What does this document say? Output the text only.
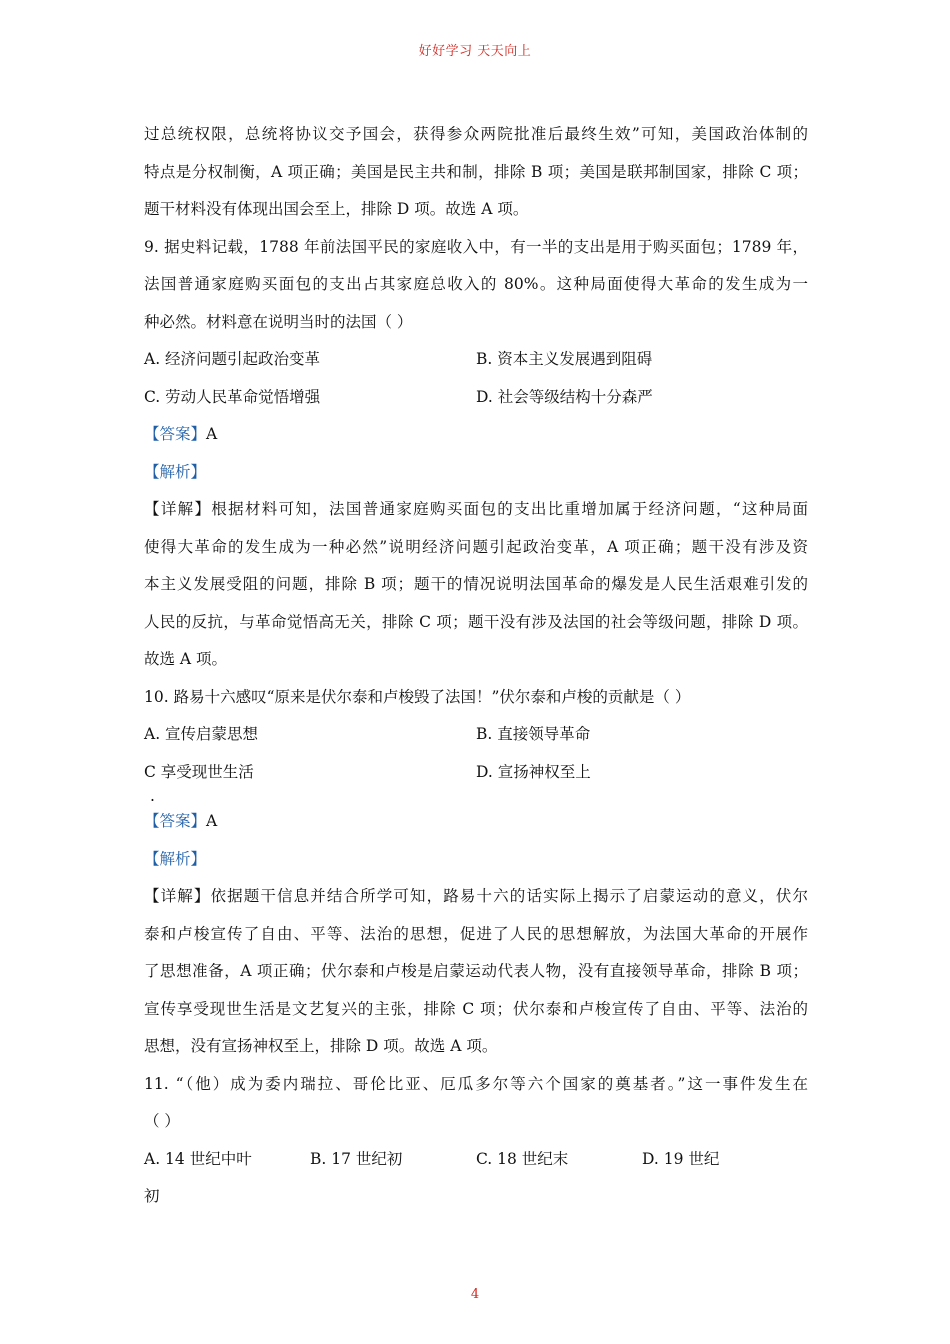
好好学习 天天向上
过总统权限，总统将协议交予国会，获得参众两院批准后最终生效”可知，美国政治体制的
特点是分权制衡，A 项正确；美国是民主共和制，排除 B 项；美国是联邦制国家，排除 C 项；
题干材料没有体现出国会至上，排除 D 项。故选 A 项。
9. 据史料记载，1788 年前法国平民的家庭收入中，有一半的支出是用于购买面包；1789 年，
法国普通家庭购买面包的支出占其家庭总收入的 80%。这种局面使得大革命的发生成为一
种必然。材料意在说明当时的法国（ ）
A. 经济问题引起政治变革	B. 资本主义发展遇到阻碍
C. 劳动人民革命觉悟增强	D. 社会等级结构十分森严
【答案】A
【解析】
【详解】根据材料可知，法国普通家庭购买面包的支出比重增加属于经济问题，“这种局面
使得大革命的发生成为一种必然”说明经济问题引起政治变革，A 项正确；题干没有涉及资
本主义发展受阻的问题，排除 B 项；题干的情况说明法国革命的爆发是人民生活艰难引发的
人民的反抗，与革命觉悟高无关，排除 C 项；题干没有涉及法国的社会等级问题，排除 D 项。
故选 A 项。
10. 路易十六感叹“原来是伏尔泰和卢梭毁了法国！”伏尔泰和卢梭的贡献是（ ）
A. 宣传启蒙思想	B. 直接领导革命
C 享受现世生活	D. 宣扬神权至上
.
【答案】A
【解析】
【详解】依据题干信息并结合所学可知，路易十六的话实际上揭示了启蒙运动的意义，伏尔
泰和卢梭宣传了自由、平等、法治的思想，促进了人民的思想解放，为法国大革命的开展作
了思想准备，A 项正确；伏尔泰和卢梭是启蒙运动代表人物，没有直接领导革命，排除 B 项；
宣传享受现世生活是文艺复兴的主张，排除 C 项；伏尔泰和卢梭宣传了自由、平等、法治的
思想，没有宣扬神权至上，排除 D 项。故选 A 项。
11. “（他）成为委内瑞拉、哥伦比亚、厄瓜多尔等六个国家的奠基者。”这一事件发生在
（ ）
A. 14 世纪中叶	B. 17 世纪初	C. 18 世纪末	D. 19 世纪
初
4
